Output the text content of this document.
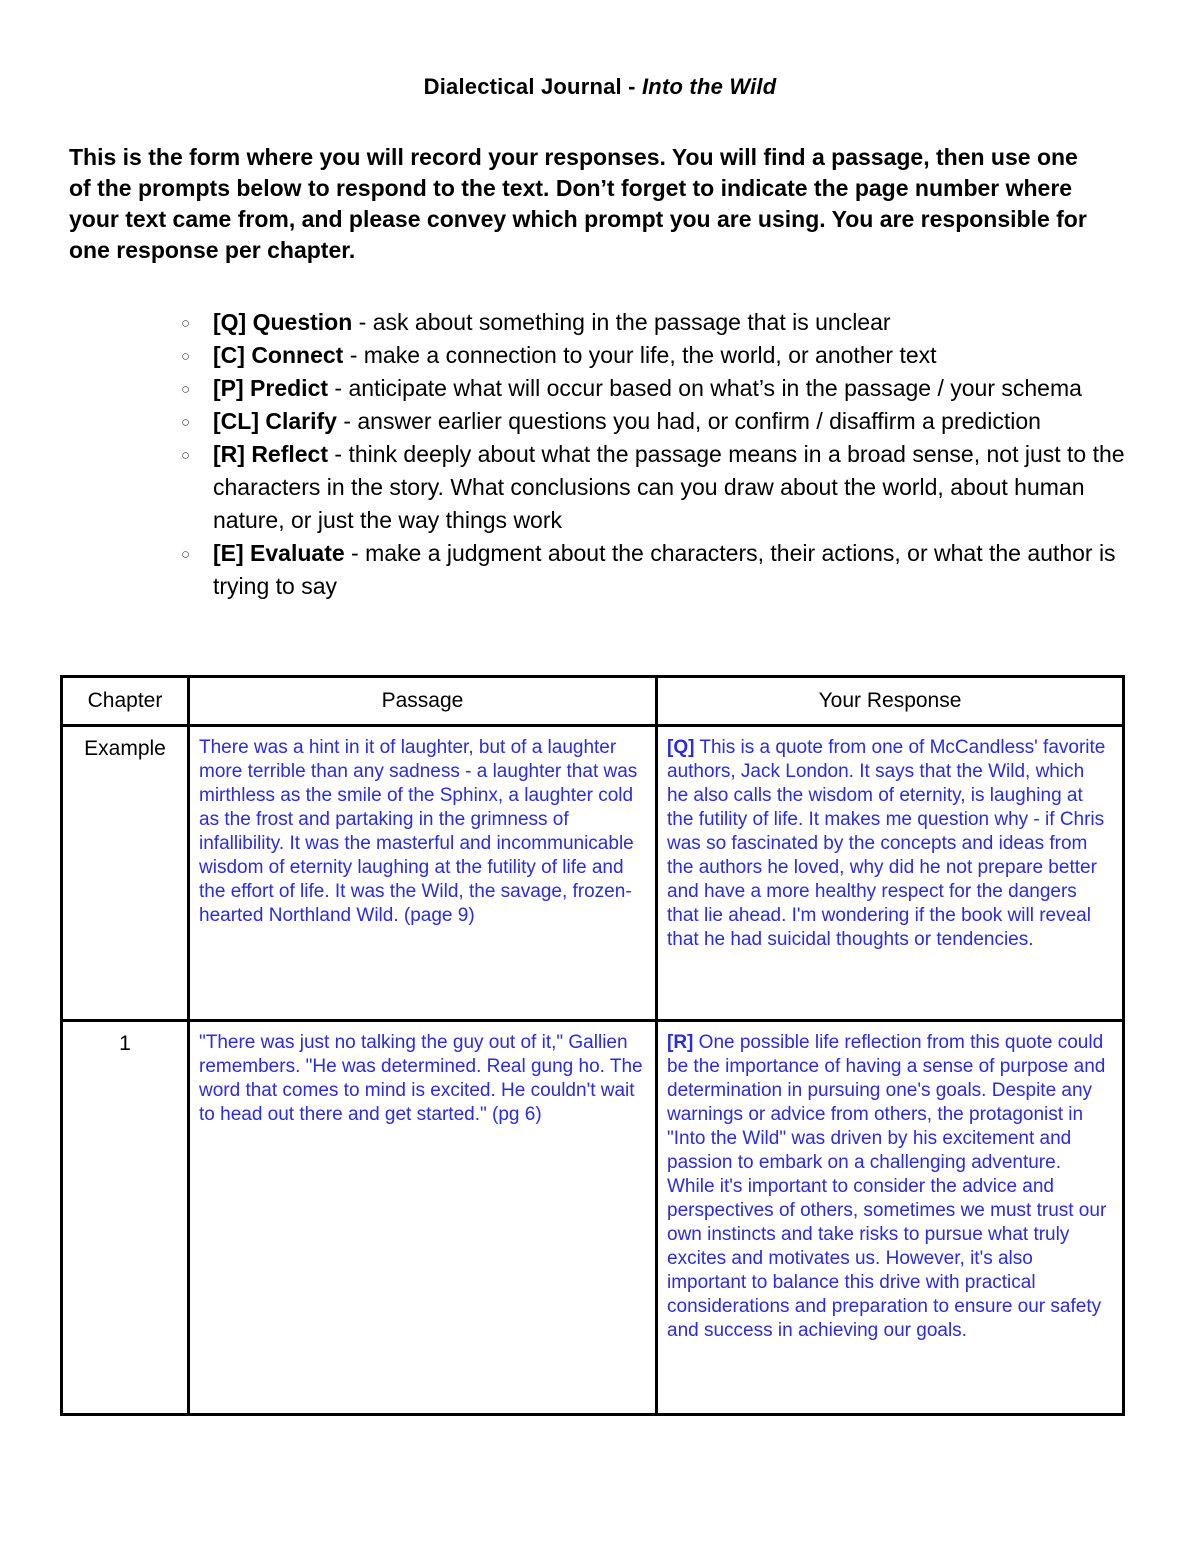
Dialectical Journal - Into the Wild
This is the form where you will record your responses. You will find a passage, then use one of the prompts below to respond to the text. Don’t forget to indicate the page number where your text came from, and please convey which prompt you are using. You are responsible for one response per chapter.
○ [Q] Question - ask about something in the passage that is unclear
○ [C] Connect - make a connection to your life, the world, or another text
○ [P] Predict - anticipate what will occur based on what’s in the passage / your schema
○ [CL] Clarify - answer earlier questions you had, or confirm / disaffirm a prediction
○ [R] Reflect - think deeply about what the passage means in a broad sense, not just to the characters in the story. What conclusions can you draw about the world, about human nature, or just the way things work
○ [E] Evaluate - make a judgment about the characters, their actions, or what the author is trying to say
Chapter	Passage	Your Response
Example	There was a hint in it of laughter, but of a laughter more terrible than any sadness - a laughter that was mirthless as the smile of the Sphinx, a laughter cold as the frost and partaking in the grimness of infallibility. It was the masterful and incommunicable wisdom of eternity laughing at the futility of life and the effort of life. It was the Wild, the savage, frozen-hearted Northland Wild. (page 9)	[Q] This is a quote from one of McCandless' favorite authors, Jack London. It says that the Wild, which he also calls the wisdom of eternity, is laughing at the futility of life. It makes me question why - if Chris was so fascinated by the concepts and ideas from the authors he loved, why did he not prepare better and have a more healthy respect for the dangers that lie ahead. I'm wondering if the book will reveal that he had suicidal thoughts or tendencies.
1	"There was just no talking the guy out of it," Gallien remembers. "He was determined. Real gung ho. The word that comes to mind is excited. He couldn't wait to head out there and get started." (pg 6)	[R] One possible life reflection from this quote could be the importance of having a sense of purpose and determination in pursuing one's goals. Despite any warnings or advice from others, the protagonist in "Into the Wild" was driven by his excitement and passion to embark on a challenging adventure. While it's important to consider the advice and perspectives of others, sometimes we must trust our own instincts and take risks to pursue what truly excites and motivates us. However, it's also important to balance this drive with practical considerations and preparation to ensure our safety and success in achieving our goals.
